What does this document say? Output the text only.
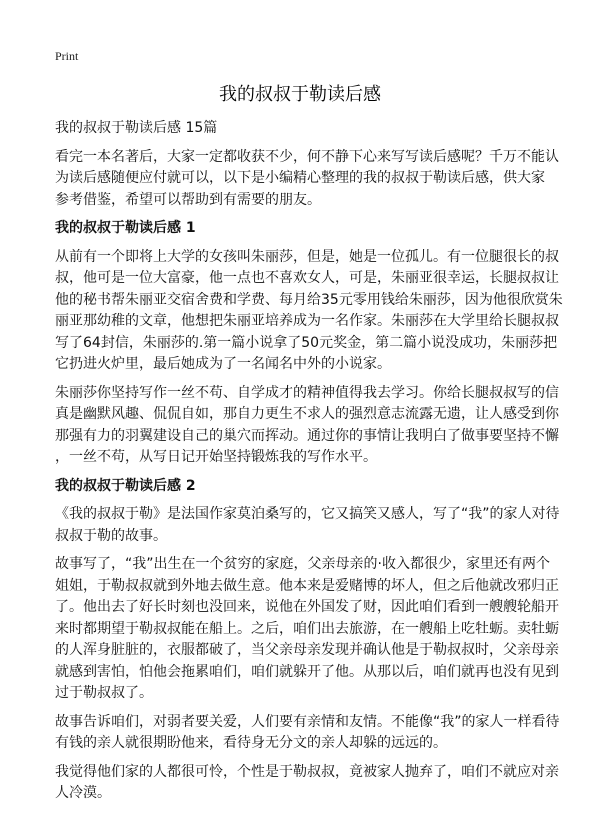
Print
我的叔叔于勒读后感
我的叔叔于勒读后感 15篇
看完一本名著后，大家一定都收获不少，何不静下心来写写读后感呢？千万不能认
为读后感随便应付就可以，以下是小编精心整理的我的叔叔于勒读后感，供大家
参考借鉴，希望可以帮助到有需要的朋友。
我的叔叔于勒读后感 1
从前有一个即将上大学的女孩叫朱丽莎，但是，她是一位孤儿。有一位腿很长的叔
叔，他可是一位大富豪，他一点也不喜欢女人，可是，朱丽亚很幸运，长腿叔叔让
他的秘书帮朱丽亚交宿舍费和学费、每月给35元零用钱给朱丽莎，因为他很欣赏朱
丽亚那幼稚的文章，他想把朱丽亚培养成为一名作家。朱丽莎在大学里给长腿叔叔
写了64封信，朱丽莎的.第一篇小说拿了50元奖金，第二篇小说没成功，朱丽莎把
它扔进火炉里，最后她成为了一名闻名中外的小说家。
朱丽莎你坚持写作一丝不苟、自学成才的精神值得我去学习。你给长腿叔叔写的信
真是幽默风趣、侃侃自如，那自力更生不求人的强烈意志流露无遗，让人感受到你
那强有力的羽翼建设自己的巢穴而挥动。通过你的事情让我明白了做事要坚持不懈
，一丝不苟，从写日记开始坚持锻炼我的写作水平。
我的叔叔于勒读后感 2
《我的叔叔于勒》是法国作家莫泊桑写的，它又搞笑又感人，写了“我”的家人对待
叔叔于勒的故事。
故事写了，“我”出生在一个贫穷的家庭，父亲母亲的·收入都很少，家里还有两个
姐姐，于勒叔叔就到外地去做生意。他本来是爱赌博的坏人，但之后他就改邪归正
了。他出去了好长时刻也没回来，说他在外国发了财，因此咱们看到一艘艘轮船开
来时都期望于勒叔叔能在船上。之后，咱们出去旅游，在一艘船上吃牡蛎。卖牡蛎
的人浑身脏脏的，衣服都破了，当父亲母亲发现并确认他是于勒叔叔时，父亲母亲
就感到害怕，怕他会拖累咱们，咱们就躲开了他。从那以后，咱们就再也没有见到
过于勒叔叔了。
故事告诉咱们，对弱者要关爱，人们要有亲情和友情。不能像“我”的家人一样看待
有钱的亲人就很期盼他来，看待身无分文的亲人却躲的远远的。
我觉得他们家的人都很可怜，个性是于勒叔叔，竟被家人抛弃了，咱们不就应对亲
人冷漠。
